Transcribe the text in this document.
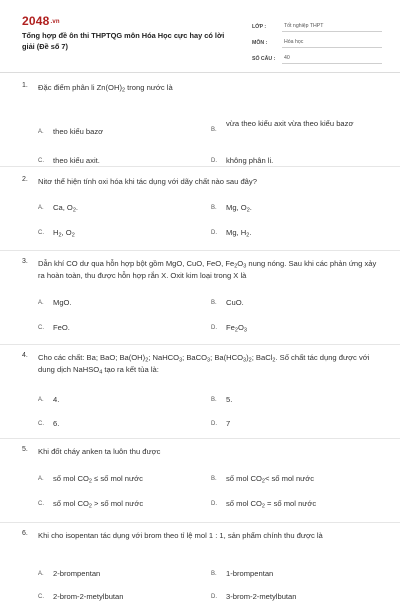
2048.vn
Tổng hợp đề ôn thi THPTQG môn Hóa Học cực hay có lời giải (Đề số 7)
LỚP :	Tốt nghiệp THPT
MÔN :	Hóa học
SỐ CÂU :	40
1. Đặc điểm phân li $Zn(OH)_2$ trong nước là
A. theo kiểu bazơ	B.vừa theo kiểu axit vừa theo kiểu bazơ
C. theo kiểu axit.	D. không phân li.
2. Nitơ thể hiện tính oxi hóa khi tác dụng với dãy chất nào sau đây?
A. Ca, $O_2$.	B. Mg, $O_2$.
C. $H_2$, $O_2$	D. Mg, $H_2$.
3. Dẫn khí CO dư qua hỗn hợp bột gồm MgO, CuO, FeO, $Fe_2O_3$ nung nóng. Sau khi các phản ứng xảy ra hoàn toàn, thu được hỗn hợp rắn X. Oxit kim loại trong X là
A. MgO.	B. CuO.
C. FeO.	D. $Fe_2O_3$
4. Cho các chất: Ba; BaO; $Ba(OH)_2$; NaHCO$_3$; BaCO$_3$; $Ba(HCO_3)_2$; BaCl$_2$. Số chất tác dụng được với dung dịch NaHSO$_4$ tạo ra kết tủa là:
A. 4.	B. 5.
C. 6.	D. 7
5. Khi đốt cháy anken ta luôn thu được
A. số mol $CO_2$ ≤ số mol nước	B. số mol $CO_2<$ số mol nước
C. số mol $CO_2$ > số mol nước	D. số mol $CO_2$ = số mol nước
6. Khi cho isopentan tác dụng với brom theo tỉ lệ mol 1 : 1, sản phẩm chính thu được là
A. 2-brompentan	B. 1-brompentan
C. 2-brom-2-metylbutan	D. 3-brom-2-metylbutan
